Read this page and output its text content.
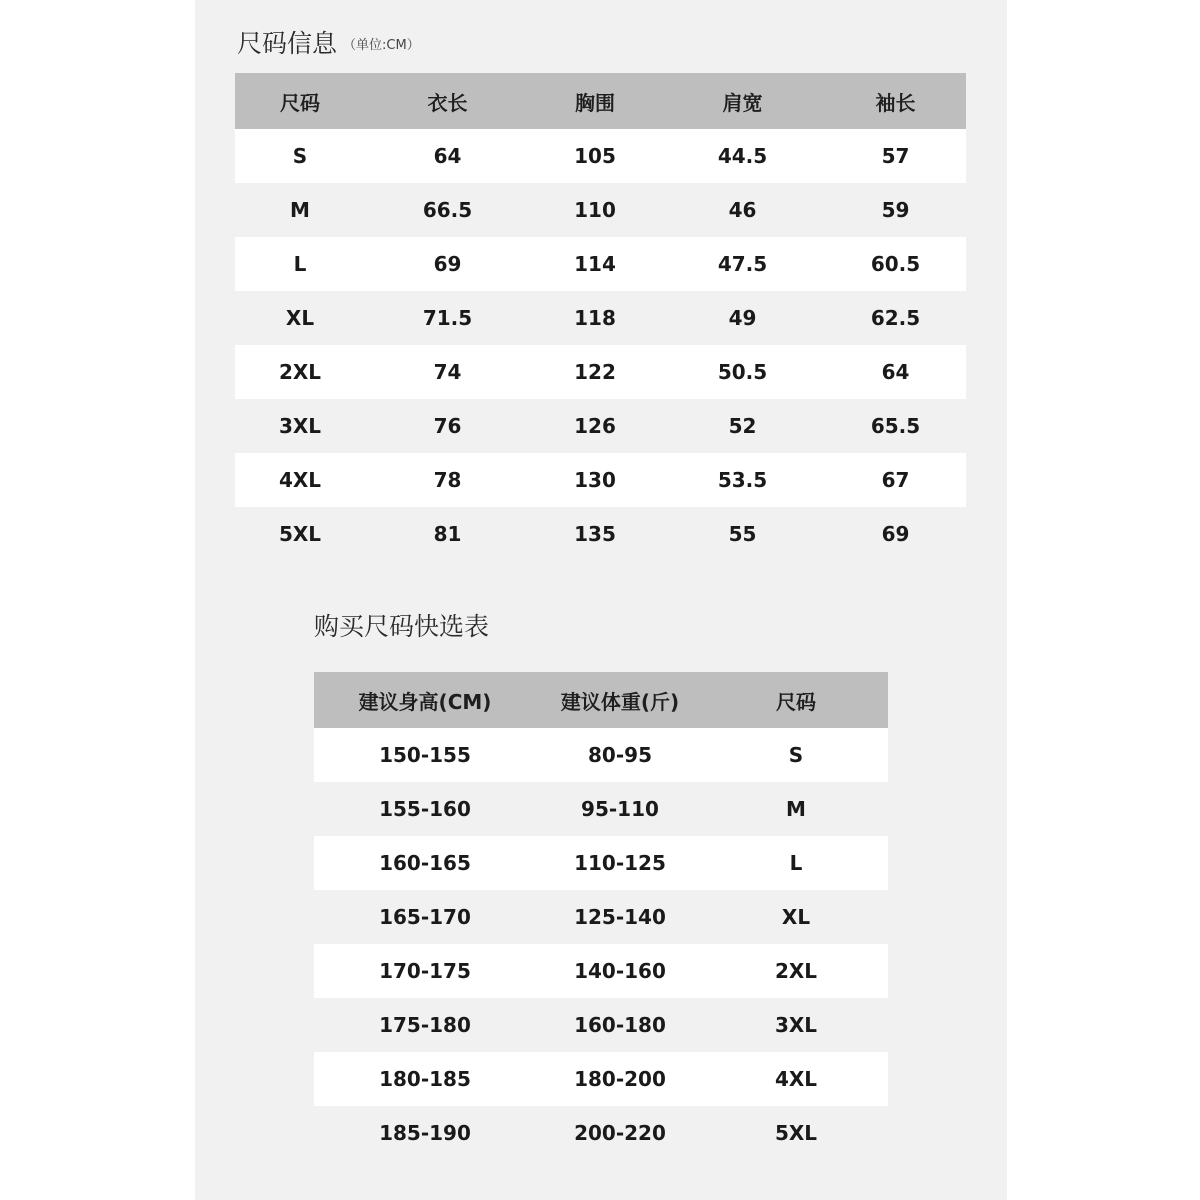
尺码信息 （单位:CM）
尺码	衣长	胸围	肩宽	袖长
S	64	105	44.5	57
M	66.5	110	46	59
L	69	114	47.5	60.5
XL	71.5	118	49	62.5
2XL	74	122	50.5	64
3XL	76	126	52	65.5
4XL	78	130	53.5	67
5XL	81	135	55	69
购买尺码快选表
建议身高(CM)	建议体重(斤)	尺码
150-155	80-95	S
155-160	95-110	M
160-165	110-125	L
165-170	125-140	XL
170-175	140-160	2XL
175-180	160-180	3XL
180-185	180-200	4XL
185-190	200-220	5XL
